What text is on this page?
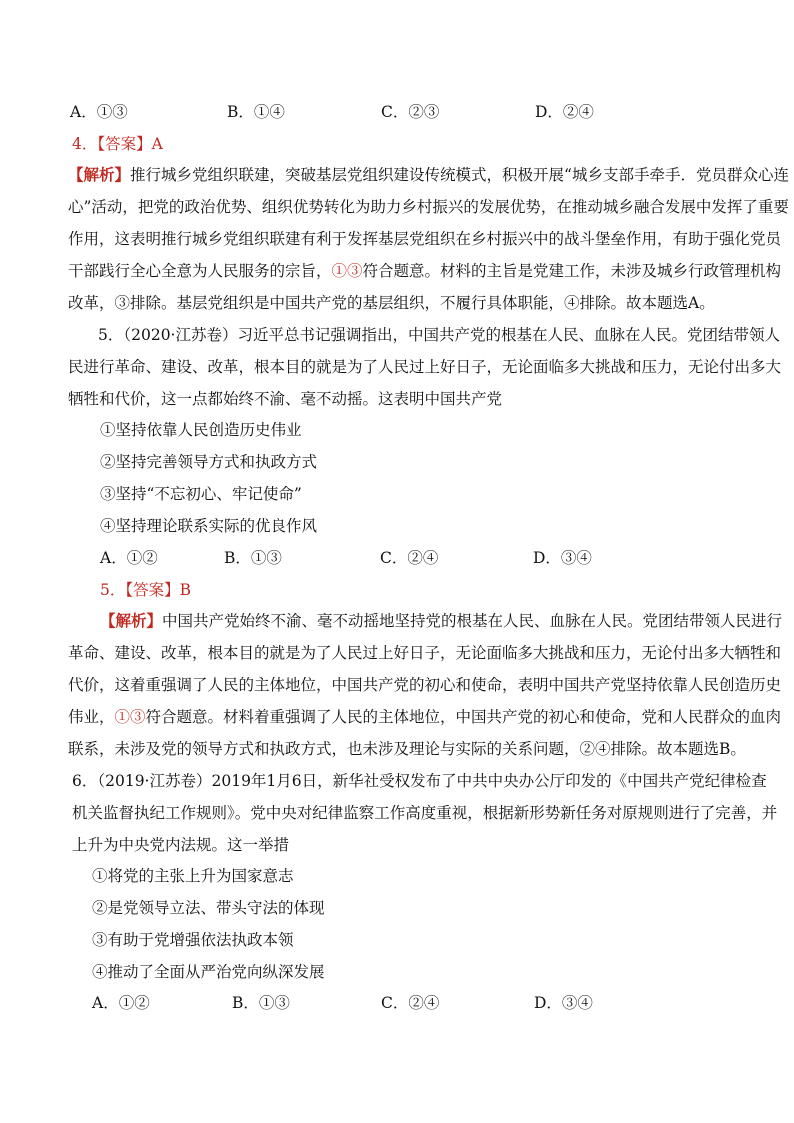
A．①③	B．①④	C．②③	D．②④
4．【答案】A
【解析】推行城乡党组织联建，突破基层党组织建设传统模式，积极开展“城乡支部手牵手．党员群众心连
心”活动，把党的政治优势、组织优势转化为助力乡村振兴的发展优势，在推动城乡融合发展中发挥了重要
作用，这表明推行城乡党组织联建有利于发挥基层党组织在乡村振兴中的战斗堡垒作用，有助于强化党员
干部践行全心全意为人民服务的宗旨，①③符合题意。材料的主旨是党建工作，未涉及城乡行政管理机构
改革，③排除。基层党组织是中国共产党的基层组织，不履行具体职能，④排除。故本题选A。
5．（2020·江苏卷）习近平总书记强调指出，中国共产党的根基在人民、血脉在人民。党团结带领人
民进行革命、建设、改革，根本目的就是为了人民过上好日子，无论面临多大挑战和压力，无论付出多大
牺牲和代价，这一点都始终不渝、毫不动摇。这表明中国共产党
①坚持依靠人民创造历史伟业
②坚持完善领导方式和执政方式
③坚持“不忘初心、牢记使命”
④坚持理论联系实际的优良作风
A．①②	B．①③	C．②④	D．③④
5．【答案】B
【解析】中国共产党始终不渝、毫不动摇地坚持党的根基在人民、血脉在人民。党团结带领人民进行
革命、建设、改革，根本目的就是为了人民过上好日子，无论面临多大挑战和压力，无论付出多大牺牲和
代价，这着重强调了人民的主体地位，中国共产党的初心和使命，表明中国共产党坚持依靠人民创造历史
伟业，①③符合题意。材料着重强调了人民的主体地位，中国共产党的初心和使命，党和人民群众的血肉
联系，未涉及党的领导方式和执政方式，也未涉及理论与实际的关系问题，②④排除。故本题选B。
6．（2019·江苏卷）2019年1月6日，新华社受权发布了中共中央办公厅印发的《中国共产党纪律检查
机关监督执纪工作规则》。党中央对纪律监察工作高度重视，根据新形势新任务对原规则进行了完善，并
上升为中央党内法规。这一举措
①将党的主张上升为国家意志
②是党领导立法、带头守法的体现
③有助于党增强依法执政本领
④推动了全面从严治党向纵深发展
A．①②	B．①③	C．②④	D．③④
